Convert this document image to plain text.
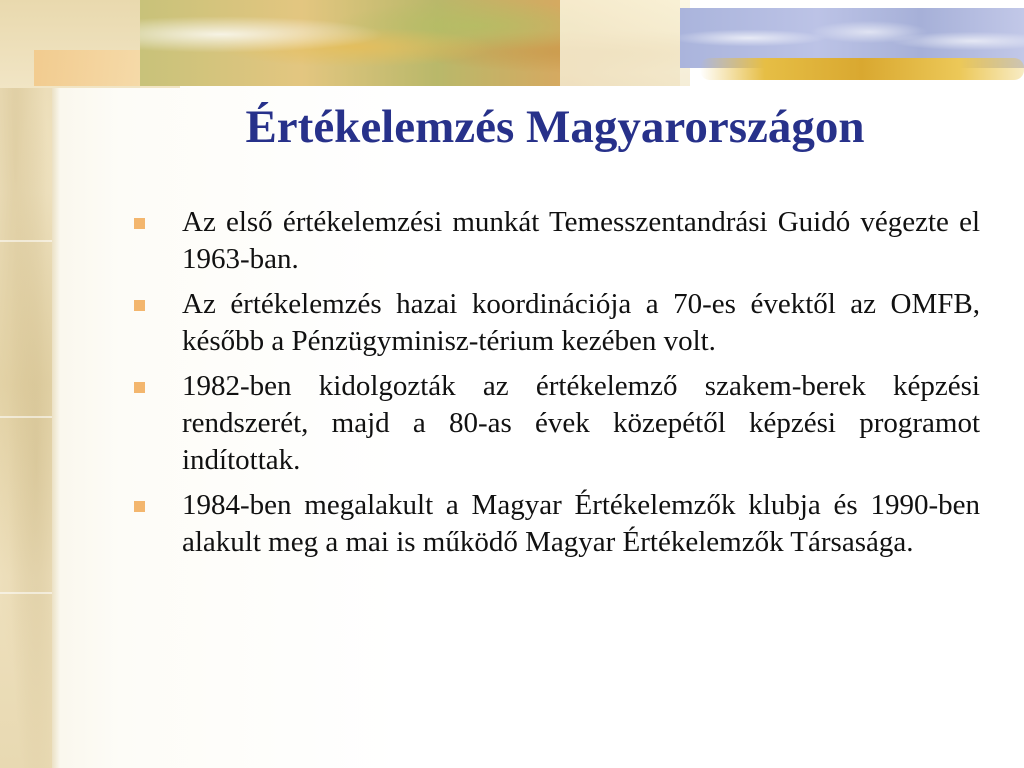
Értékelemzés Magyarországon
Az első értékelemzési munkát Temesszentandrási Guidó végezte el 1963-ban.
Az értékelemzés hazai koordinációja a 70-es évektől az OMFB, később a Pénzügyminisz-térium kezében volt.
1982-ben kidolgozták az értékelemző szakem-berek képzési rendszerét, majd a 80-as évek közepétől képzési programot indítottak.
1984-ben megalakult a Magyar Értékelemzők klubja és 1990-ben alakult meg a mai is működő Magyar Értékelemzők Társasága.
